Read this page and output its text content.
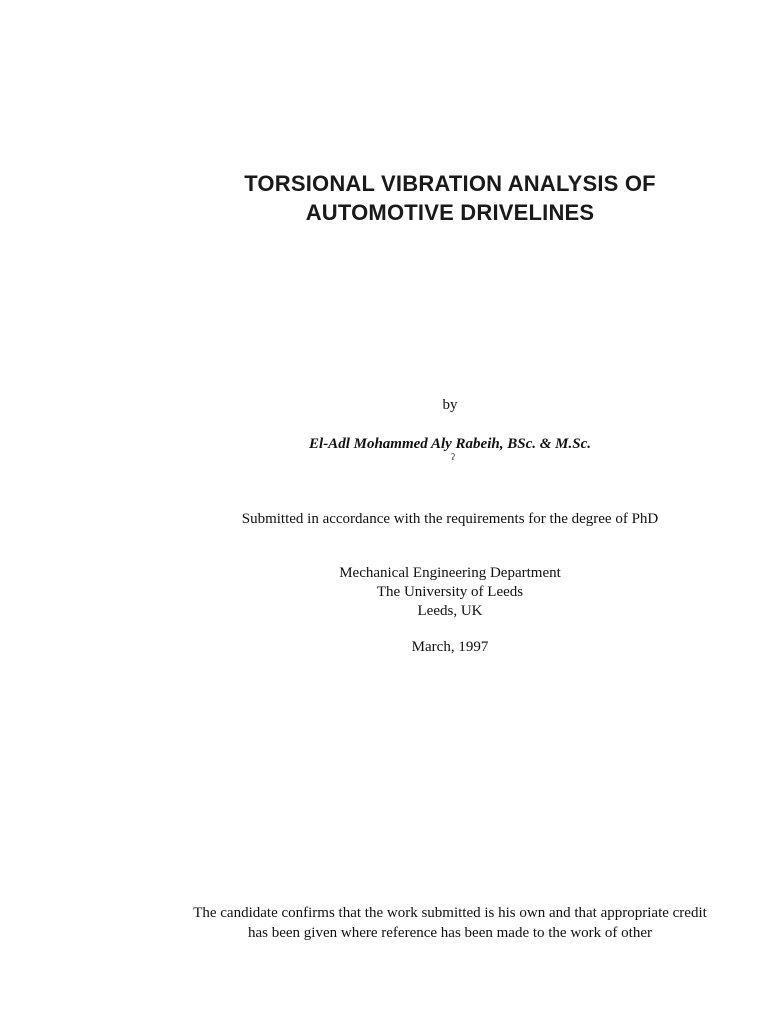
TORSIONAL VIBRATION ANALYSIS OF
AUTOMOTIVE DRIVELINES
by
El-Adl Mohammed Aly Rabeih, BSc. & M.Sc.
ʔ
Submitted in accordance with the requirements for the degree of PhD
Mechanical Engineering Department
The University of Leeds
Leeds, UK
March, 1997
The candidate confirms that the work submitted is his own and that appropriate credit
has been given where reference has been made to the work of other
